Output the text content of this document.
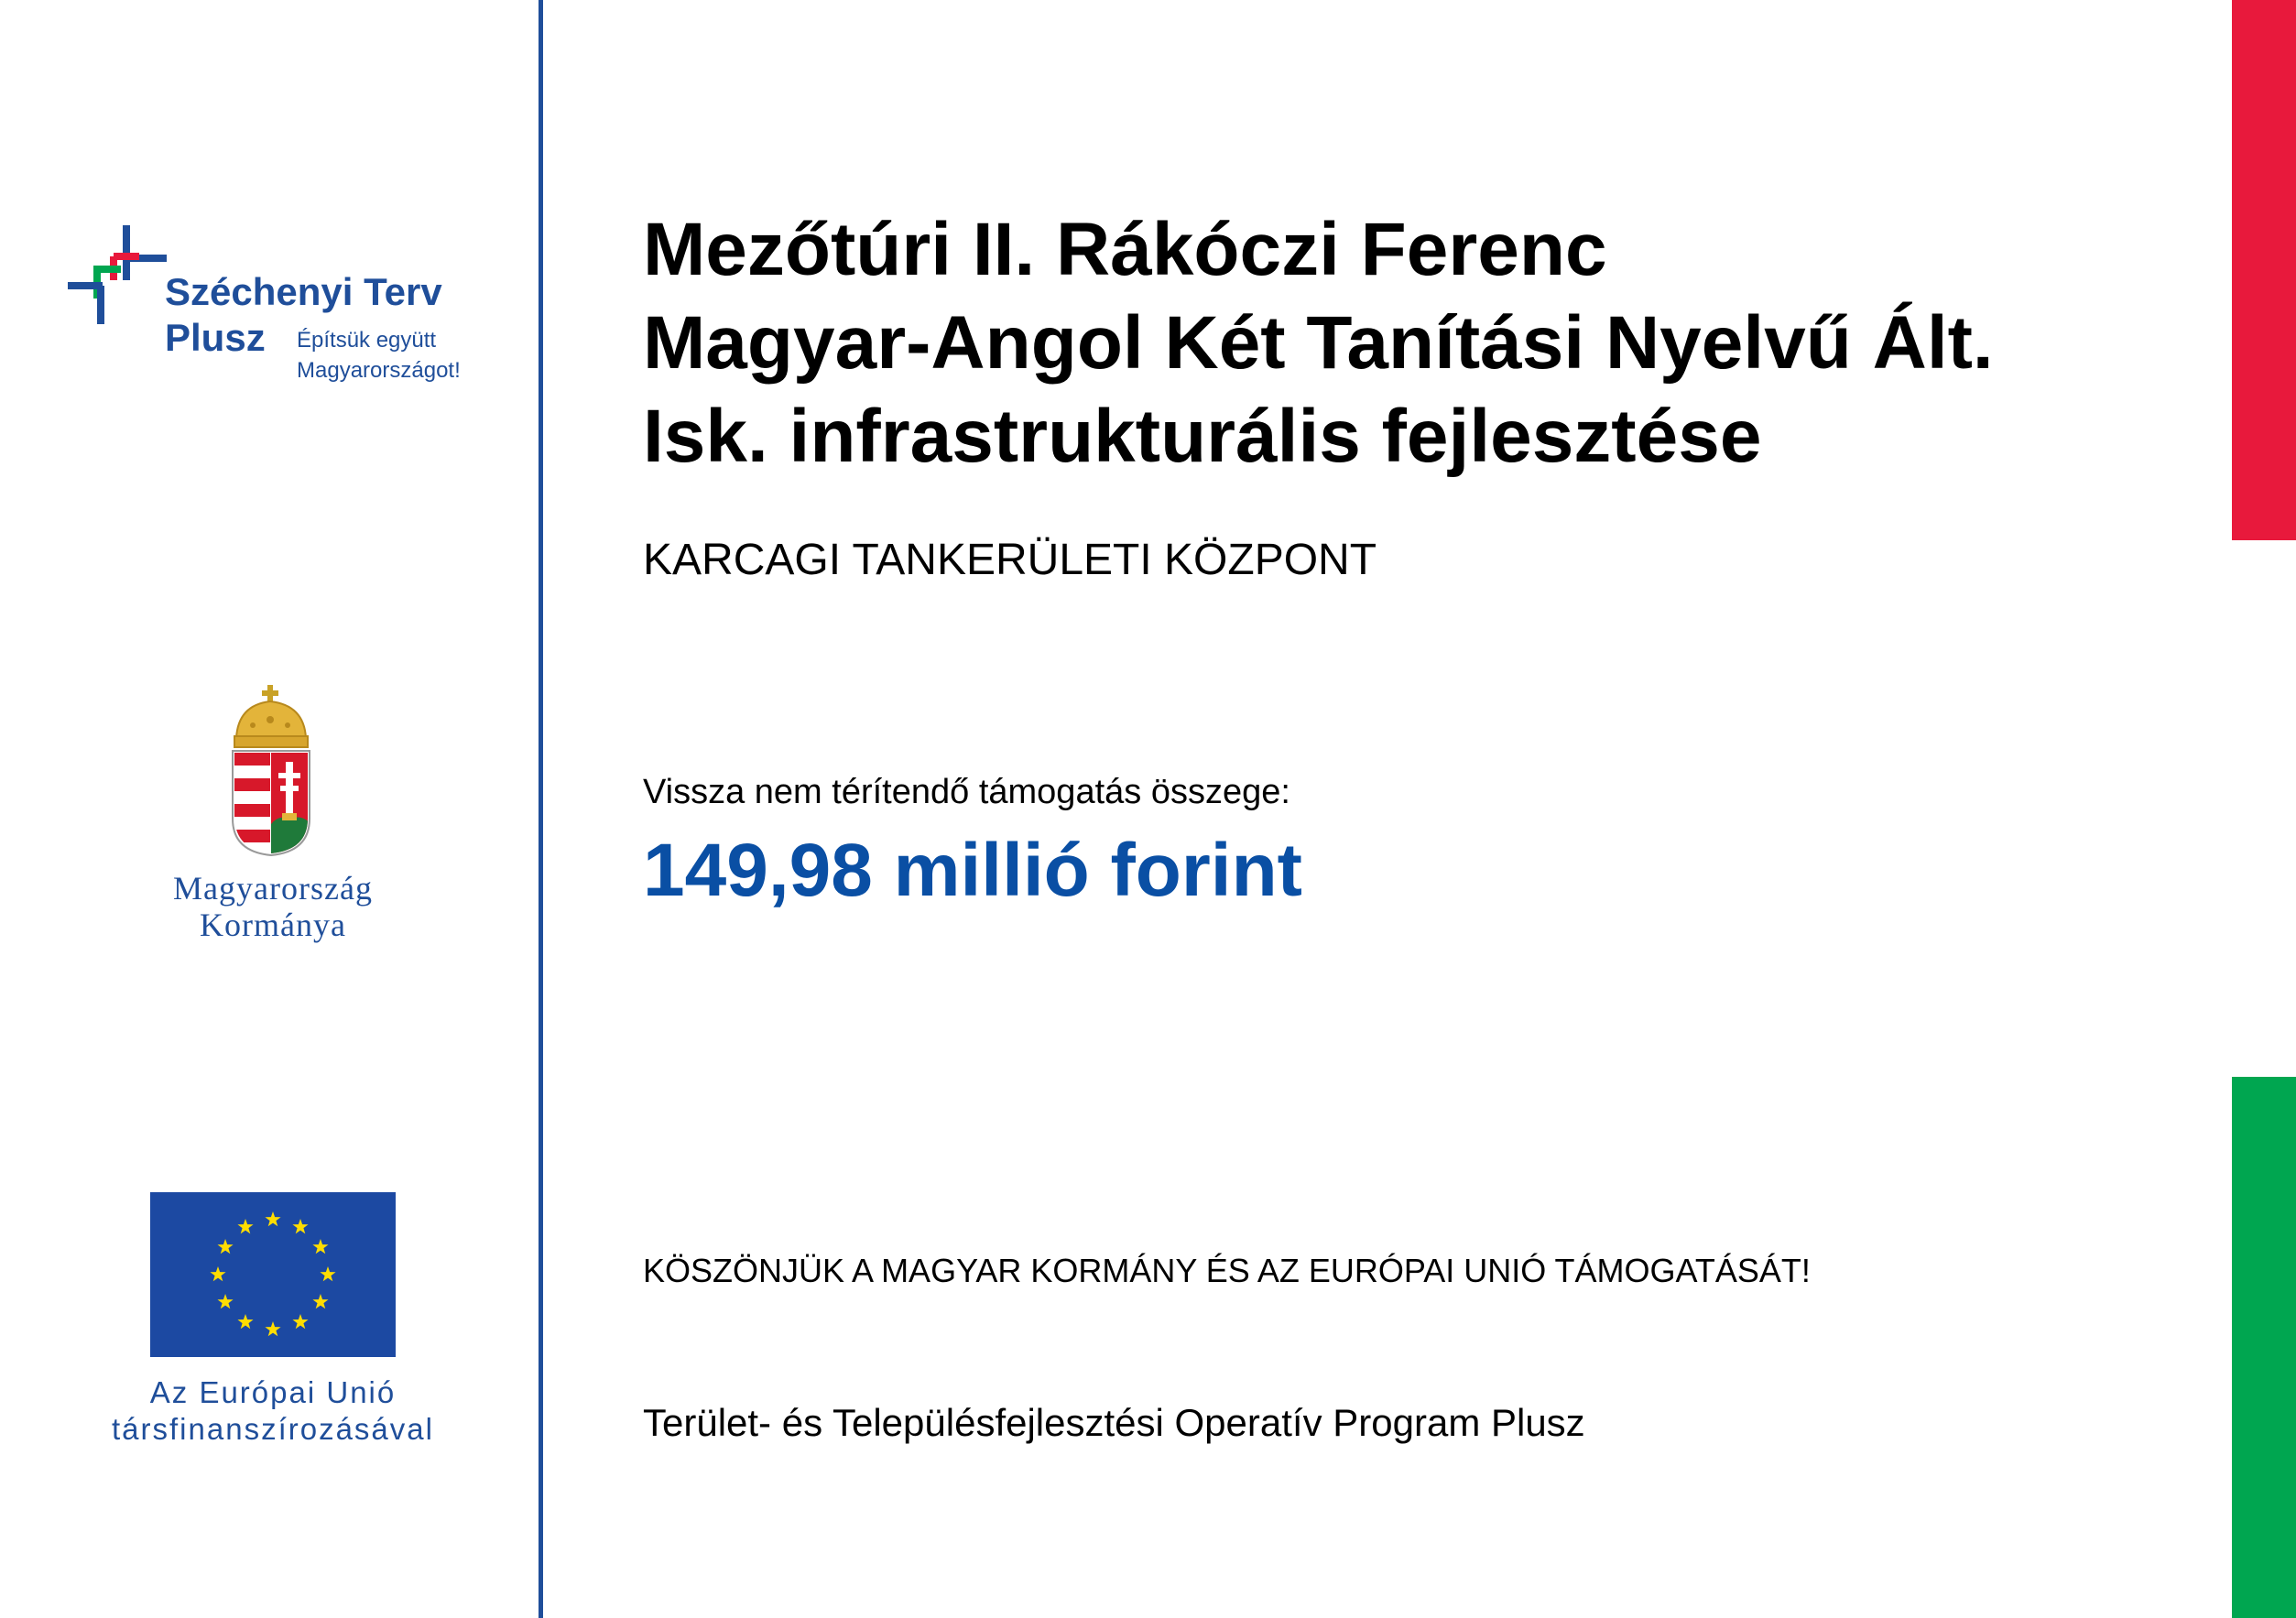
Széchenyi Terv
Plusz Építsük együtt
Magyarországot!
Magyarország
Kormánya
Az Európai Unió
társfinanszírozásával
Mezőtúri II. Rákóczi Ferenc
Magyar-Angol Két Tanítási Nyelvű Ált.
Isk. infrastrukturális fejlesztése
KARCAGI TANKERÜLETI KÖZPONT
Vissza nem térítendő támogatás összege:
149,98 millió forint
KÖSZÖNJÜK A MAGYAR KORMÁNY ÉS AZ EURÓPAI UNIÓ TÁMOGATÁSÁT!
Terület- és Településfejlesztési Operatív Program Plusz
